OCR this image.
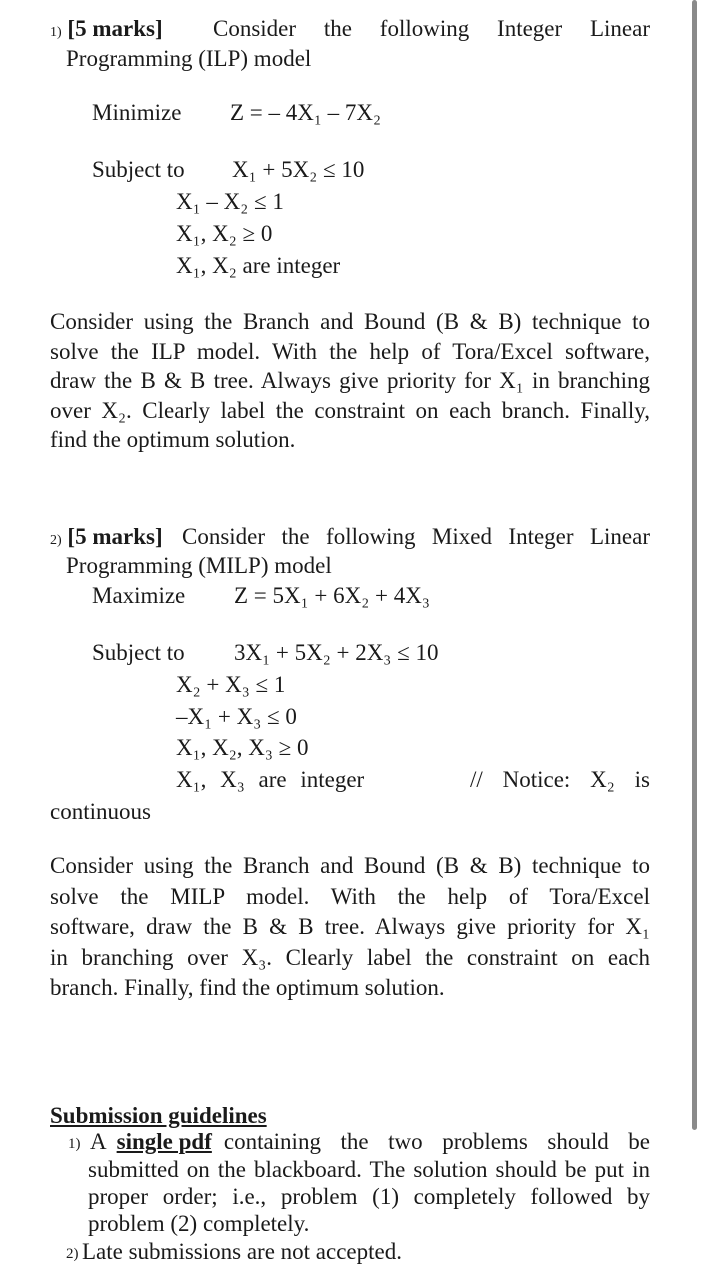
1) [5 marks] Consider the following Integer Linear
Programming (ILP) model
Minimize Z = – 4X₁ – 7X₂
Subject to X₁ + 5X₂ ≤ 10
X₁ – X₂ ≤ 1
X₁, X₂ ≥ 0
X₁, X₂ are integer

Consider using the Branch and Bound (B & B) technique to

solve the ILP model. With the help of Tora/Excel software,

draw the B & B tree. Always give priority for X₁ in branching

over X₂. Clearly label the constraint on each branch. Finally,

find the optimum solution.

2) [5 marks] Consider the following Mixed Integer Linear
Programming (MILP) model
Maximize Z = 5X₁ + 6X₂ + 4X₃
Subject to 3X₁ + 5X₂ + 2X₃ ≤ 10
X₂ + X₃ ≤ 1
–X₁ + X₃ ≤ 0
X₁, X₂, X₃ ≥ 0
X₁, X₃ are integer	// Notice: X₂ is
continuous

Consider using the Branch and Bound (B & B) technique to

solve the MILP model. With the help of Tora/Excel

software, draw the B & B tree. Always give priority for X₁

in branching over X₃. Clearly label the constraint on each

branch. Finally, find the optimum solution.

Submission guidelines
1) A single pdf containing the two problems should be
submitted on the blackboard. The solution should be put in
proper order; i.e., problem (1) completely followed by
problem (2) completely.
2) Late submissions are not accepted.
